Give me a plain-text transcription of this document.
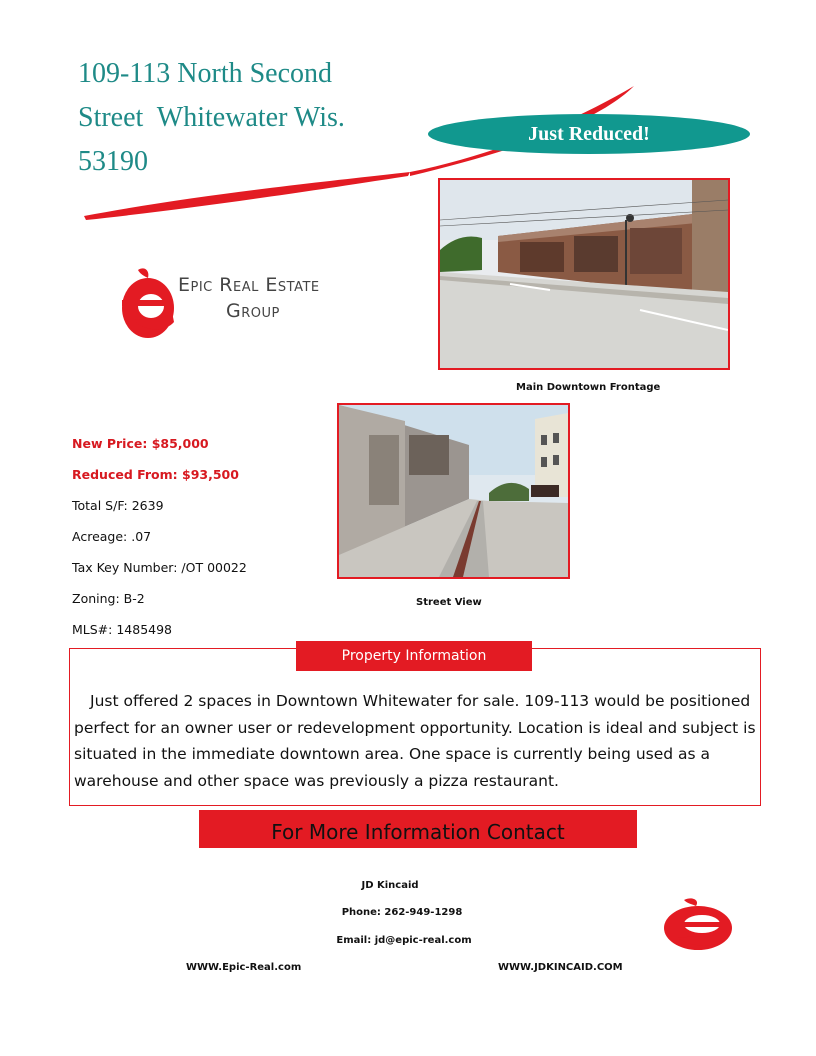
109-113 North Second
Street  Whitewater Wis.
53190
Just Reduced!
Epic Real Estate
Group
Main Downtown Frontage
Street View
New Price: $85,000
Reduced From: $93,500
Total S/F: 2639
Acreage: .07
Tax Key Number: /OT 00022
Zoning: B-2
MLS#: 1485498
Property Information
Just offered 2 spaces in Downtown Whitewater for sale. 109-113 would be positioned perfect for an owner user or redevelopment opportunity. Location is ideal and subject is situated in the immediate downtown area. One space is currently being used as a warehouse and other space was previously a pizza restaurant.
For More Information Contact
JD Kincaid
Phone: 262-949-1298
Email: jd@epic-real.com
WWW.Epic-Real.com	WWW.JDKINCAID.COM
